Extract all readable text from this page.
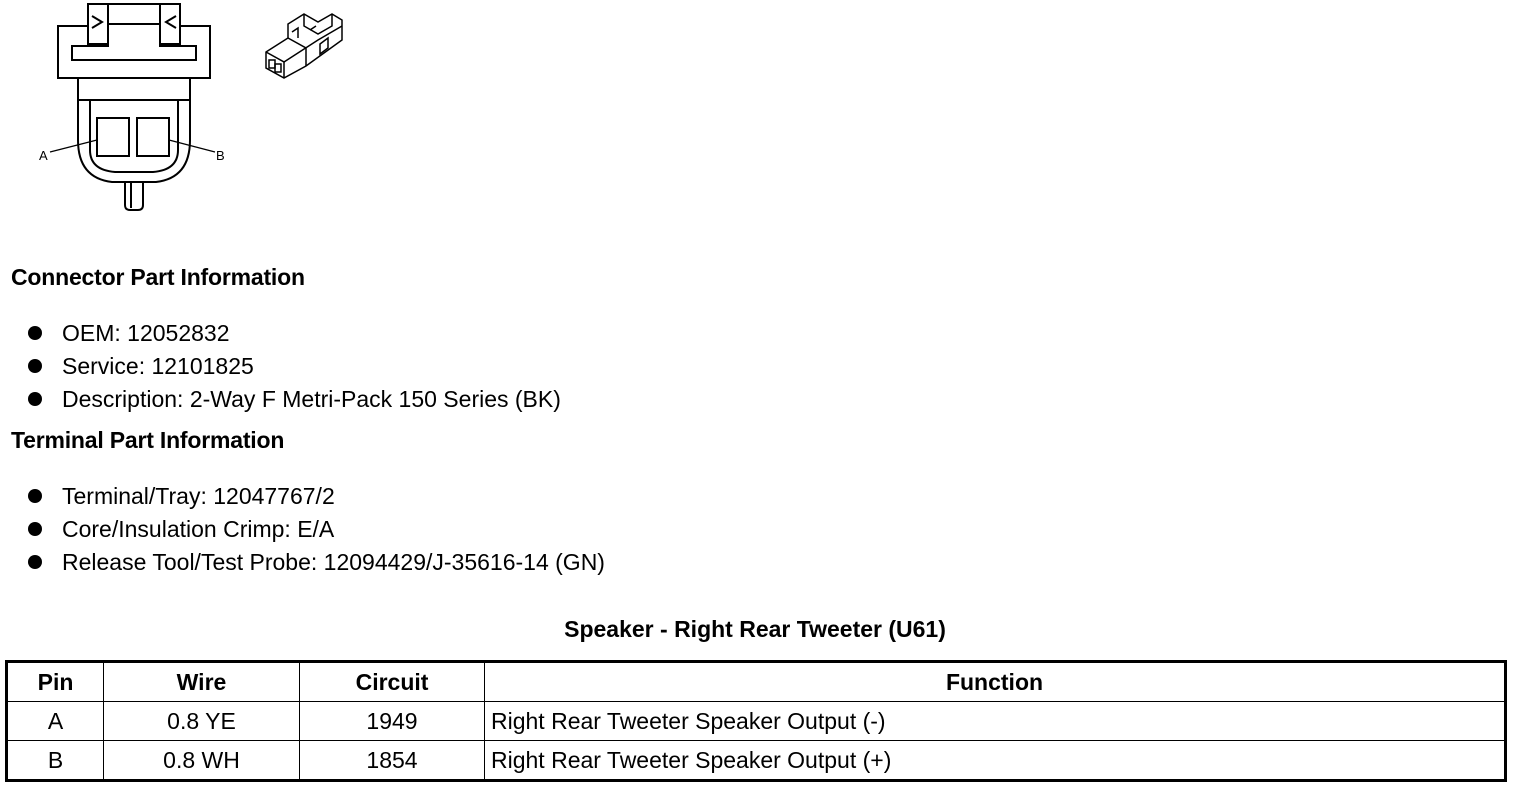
A	B
Connector Part Information
OEM: 12052832
Service: 12101825
Description: 2-Way F Metri-Pack 150 Series (BK)
Terminal Part Information
Terminal/Tray: 12047767/2
Core/Insulation Crimp: E/A
Release Tool/Test Probe: 12094429/J-35616-14 (GN)
Speaker - Right Rear Tweeter (U61)
Pin	Wire	Circuit	Function
A	0.8 YE	1949	Right Rear Tweeter Speaker Output (-)
B	0.8 WH	1854	Right Rear Tweeter Speaker Output (+)
